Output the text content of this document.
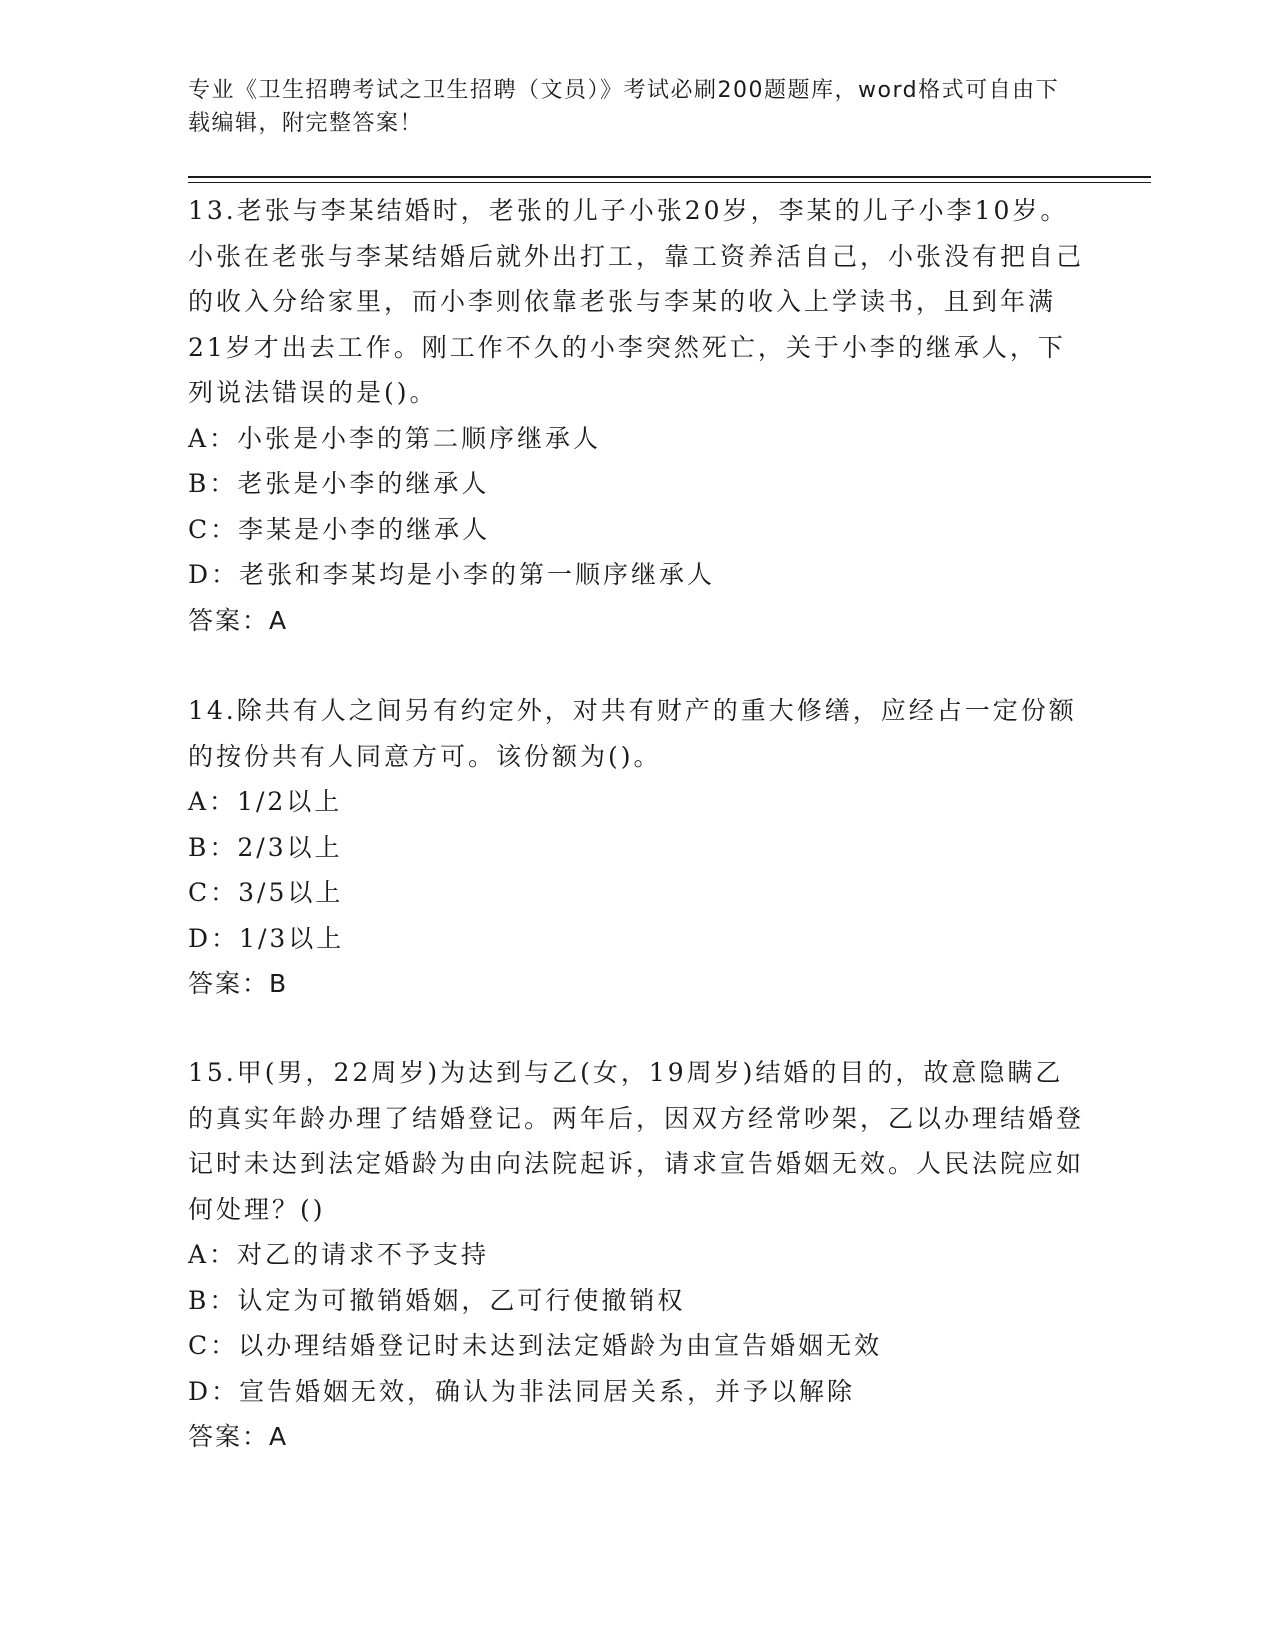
专业《卫生招聘考试之卫生招聘（文员）》考试必刷200题题库，word格式可自由下载编辑，附完整答案！

13.老张与李某结婚时，老张的儿子小张20岁，李某的儿子小李10岁。小张在老张与李某结婚后就外出打工，靠工资养活自己，小张没有把自己的收入分给家里，而小李则依靠老张与李某的收入上学读书，且到年满21岁才出去工作。刚工作不久的小李突然死亡，关于小李的继承人，下列说法错误的是()。

A：小张是小李的第二顺序继承人

B：老张是小李的继承人

C：李某是小李的继承人

D：老张和李某均是小李的第一顺序继承人

答案：A

14.除共有人之间另有约定外，对共有财产的重大修缮，应经占一定份额的按份共有人同意方可。该份额为()。

A：1/2以上

B：2/3以上

C：3/5以上

D：1/3以上

答案：B

15.甲(男，22周岁)为达到与乙(女，19周岁)结婚的目的，故意隐瞒乙的真实年龄办理了结婚登记。两年后，因双方经常吵架，乙以办理结婚登记时未达到法定婚龄为由向法院起诉，请求宣告婚姻无效。人民法院应如何处理？()

A：对乙的请求不予支持

B：认定为可撤销婚姻，乙可行使撤销权

C：以办理结婚登记时未达到法定婚龄为由宣告婚姻无效

D：宣告婚姻无效，确认为非法同居关系，并予以解除

答案：A
